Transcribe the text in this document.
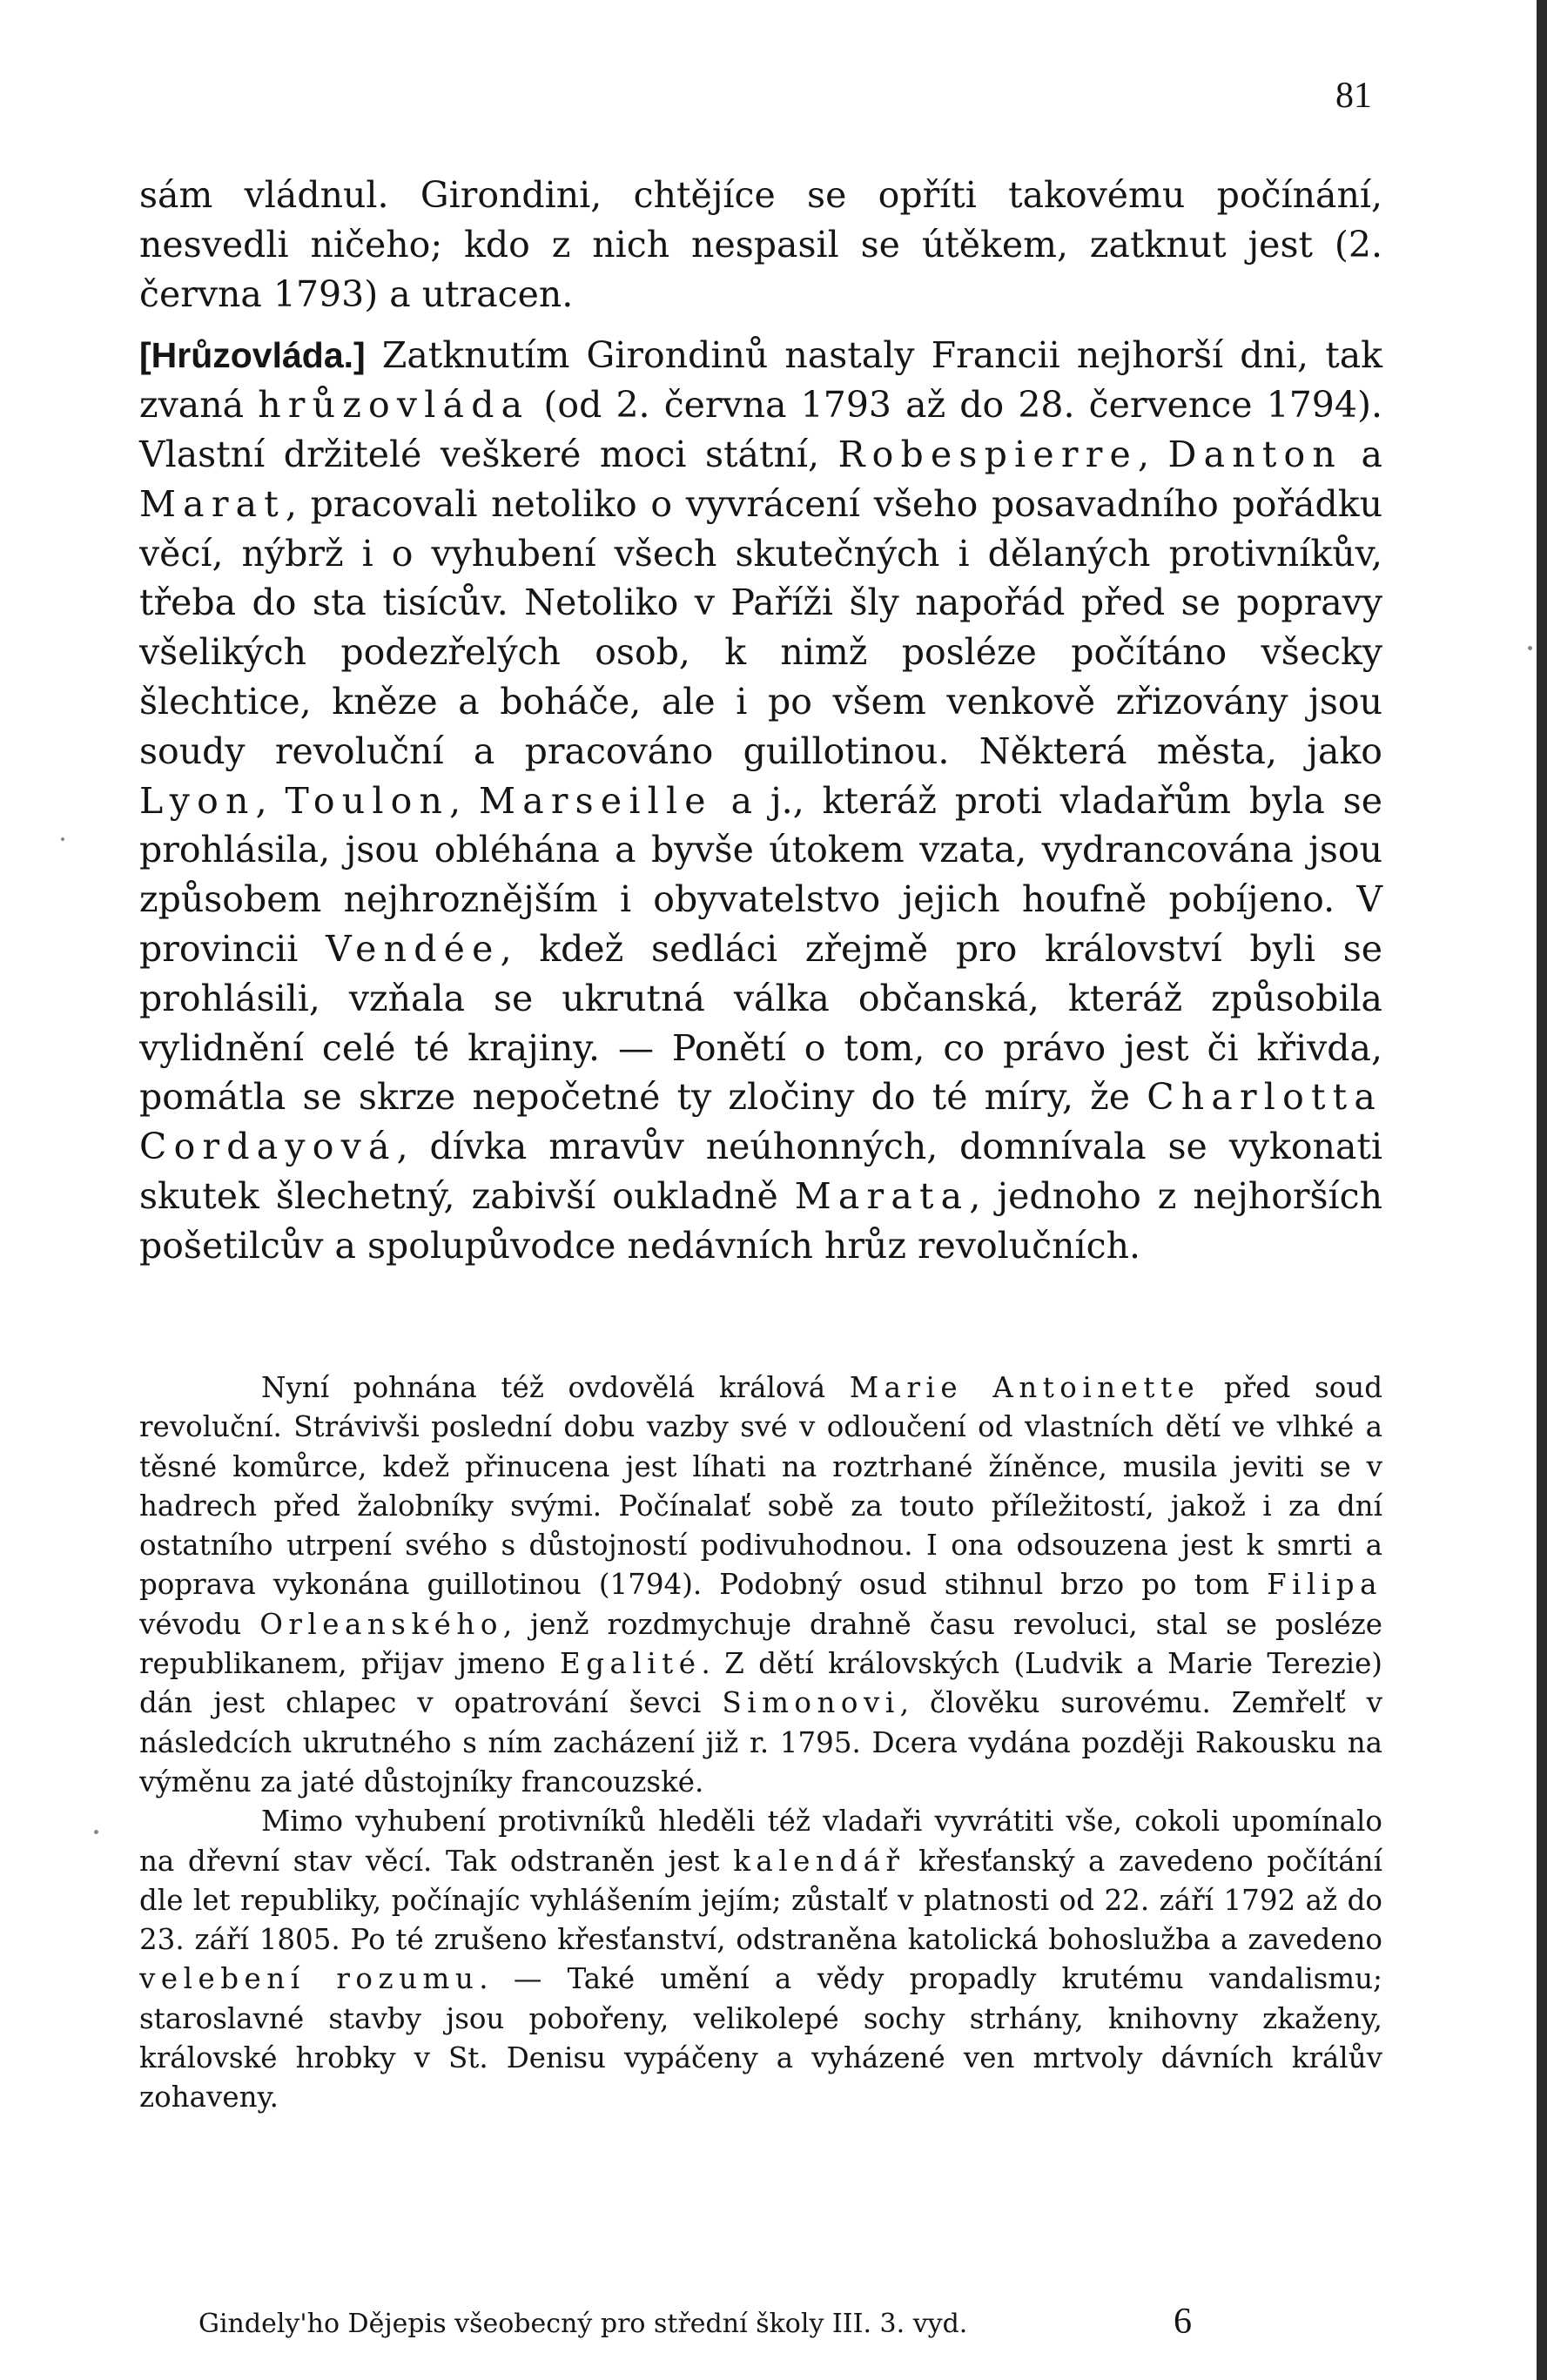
81

sám vládnul. Girondini, chtějíce se opříti takovému počínání, nesvedli ničeho; kdo z nich nespasil se útěkem, zatknut jest (2. června 1793) a utracen.

[Hrůzovláda.] Zatknutím Girondinů nastaly Francii nejhorší dni, tak zvaná hrůzovláda (od 2. června 1793 až do 28. července 1794). Vlastní držitelé veškeré moci státní, Robespierre, Danton a Marat, pracovali netoliko o vyvrácení všeho posavadního pořádku věcí, nýbrž i o vyhubení všech skutečných i dělaných protivníkův, třeba do sta tisícův. Netoliko v Paříži šly napořád před se popravy všelikých podezřelých osob, k nimž posléze počítáno všecky šlechtice, kněze a boháče, ale i po všem venkově zřizovány jsou soudy revoluční a pracováno guillotinou. Některá města, jako Lyon, Toulon, Marseille a j., kteráž proti vladařům byla se prohlásila, jsou obléhána a byvše útokem vzata, vydrancována jsou způsobem nejhroznějším i obyvatelstvo jejich houfně pobíjeno. V provincii Vendée, kdež sedláci zřejmě pro království byli se prohlásili, vzňala se ukrutná válka občanská, kteráž způsobila vylidnění celé té krajiny. — Ponětí o tom, co právo jest či křivda, pomátla se skrze nepočetné ty zločiny do té míry, že Charlotta Cordayová, dívka mravův neúhonných, domnívala se vykonati skutek šlechetný, zabivší oukladně Marata, jednoho z nejhorších pošetilcův a spolupůvodce nedávních hrůz revolučních.

Nyní pohnána též ovdovělá králová Marie Antoinette před soud revoluční. Strávivši poslední dobu vazby své v odloučení od vlastních dětí ve vlhké a těsné komůrce, kdež přinucena jest líhati na roztrhané žíněnce, musila jeviti se v hadrech před žalobníky svými. Počínalať sobě za touto příležitostí, jakož i za dní ostatního utrpení svého s důstojností podivuhodnou. I ona odsouzena jest k smrti a poprava vykonána guillotinou (1794). Podobný osud stihnul brzo po tom Filipa vévodu Orleanského, jenž rozdmychuje drahně času revoluci, stal se posléze republikanem, přijav jmeno Egalité. Z dětí královských (Ludvik a Marie Terezie) dán jest chlapec v opatrování ševci Simonovi, člověku surovému. Zemřelť v následcích ukrutného s ním zacházení již r. 1795. Dcera vydána později Rakousku na výměnu za jaté důstojníky francouzské.

Mimo vyhubení protivníků hleděli též vladaři vyvrátiti vše, cokoli upomínalo na dřevní stav věcí. Tak odstraněn jest kalendář křesťanský a zavedeno počítání dle let republiky, počínajíc vyhlášením jejím; zůstalť v platnosti od 22. září 1792 až do 23. září 1805. Po té zrušeno křesťanství, odstraněna katolická bohoslužba a zavedeno velebení rozumu. — Také umění a vědy propadly krutému vandalismu; staroslavné stavby jsou pobořeny, velikolepé sochy strhány, knihovny zkaženy, královské hrobky v St. Denisu vypáčeny a vyházené ven mrtvoly dávních králův zohaveny.

Gindely'ho Dějepis všeobecný pro střední školy III. 3. vyd.	6
